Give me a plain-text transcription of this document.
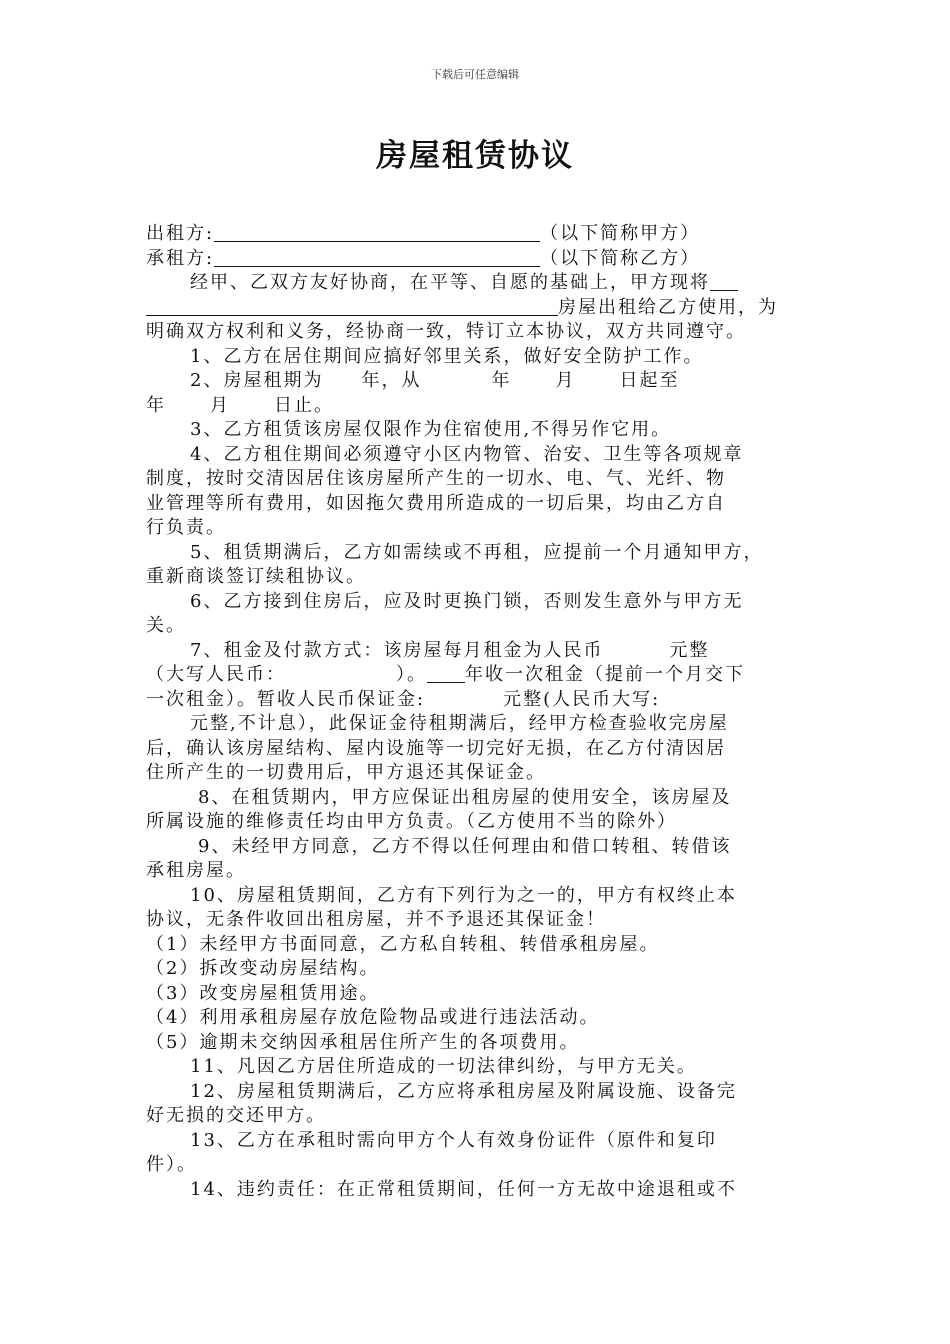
下载后可任意编辑
房屋租赁协议
出租方:	（以下简称甲方）
承租方:	（以下简称乙方）
经甲、乙双方友好协商，在平等、自愿的基础上，甲方现将
房屋出租给乙方使用，为
明确双方权利和义务，经协商一致，特订立本协议，双方共同遵守。
1、乙方在居住期间应搞好邻里关系，做好安全防护工作。
2、房屋租期为 年，从	年 月 日起至
年 月 日止。
3、乙方租赁该房屋仅限作为住宿使用,不得另作它用。
4、乙方租住期间必须遵守小区内物管、治安、卫生等各项规章
制度，按时交清因居住该房屋所产生的一切水、电、气、光纤、物
业管理等所有费用，如因拖欠费用所造成的一切后果，均由乙方自
行负责。
5、租赁期满后，乙方如需续或不再租，应提前一个月通知甲方，
重新商谈签订续租协议。
6、乙方接到住房后，应及时更换门锁，否则发生意外与甲方无
关。
7、租金及付款方式：该房屋每月租金为人民币	元整
（大写人民币：	）。 年收一次租金（提前一个月交下
一次租金）。暂收人民币保证金:	元整(人民币大写:
元整,不计息），此保证金待租期满后，经甲方检查验收完房屋
后，确认该房屋结构、屋内设施等一切完好无损，在乙方付清因居
住所产生的一切费用后，甲方退还其保证金。
8、在租赁期内，甲方应保证出租房屋的使用安全，该房屋及
所属设施的维修责任均由甲方负责。（乙方使用不当的除外）
9、未经甲方同意，乙方不得以任何理由和借口转租、转借该
承租房屋。
10、房屋租赁期间，乙方有下列行为之一的，甲方有权终止本
协议，无条件收回出租房屋，并不予退还其保证金！
（1）未经甲方书面同意，乙方私自转租、转借承租房屋。
（2）拆改变动房屋结构。
（3）改变房屋租赁用途。
（4）利用承租房屋存放危险物品或进行违法活动。
（5）逾期未交纳因承租居住所产生的各项费用。
11、凡因乙方居住所造成的一切法律纠纷，与甲方无关。
12、房屋租赁期满后，乙方应将承租房屋及附属设施、设备完
好无损的交还甲方。
13、乙方在承租时需向甲方个人有效身份证件（原件和复印
件）。
14、违约责任：在正常租赁期间，任何一方无故中途退租或不
